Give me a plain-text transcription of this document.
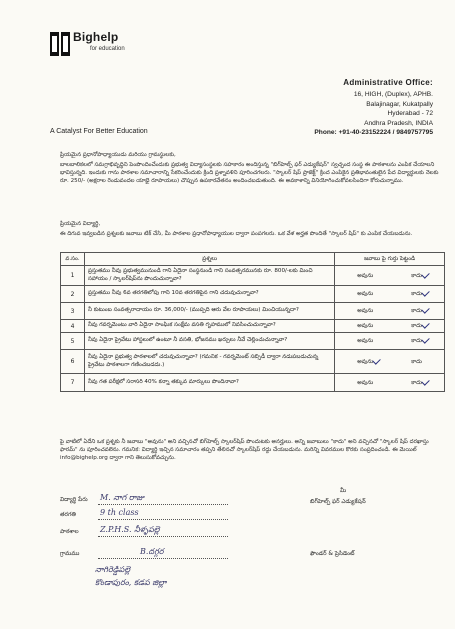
Bighelp
for education
A Catalyst For Better Education
Administrative Office:
16, HIGH, (Duplex), APHB.
Balajinagar, Kukatpally
Hyderabad - 72
Andhra Pradesh, INDIA
Phone: +91-40-23152224 / 9849757795
ప్రియమైన ప్రధానోపాధ్యాయుడు మరియు గ్రామస్థులకు,
బాలబాలికలలో సమగ్రాభివృద్ధిని పెంపొందించేందుకు ప్రభుత్వ విద్యాసంస్థలకు సహకారం అందిస్తున్న "బిగ్‌హెల్ప్ ఫర్ ఎడ్యుకేషన్" స్వచ్ఛంద సంస్థ ఈ పాఠశాలను ఎంపిక చేయాలని భావిస్తున్నది. ఇందుకు గాను పాఠశాల సమాచారాన్ని సేకరించేందుకు క్రింది ప్రశ్నావళిని పూరించగలరు. "స్కాలర్ షిప్ ప్రాజెక్ట్" క్రింద ఎంపికైన ప్రతిభావంతులైన పేద విద్యార్థులకు నెలకు రూ. 250/- (అక్షరాల రెండువందల యాభై రూపాయలు) చొప్పున ఉపకారవేతనం అందించబడుతుంది. ఈ అవకాశాన్ని వినియోగించుకోవలసిందిగా కోరుచున్నాము.
ప్రియమైన విద్యార్థి,
ఈ దిగువ ఇవ్వబడిన ప్రశ్నలకు జవాబు టిక్ చేసి, మీ పాఠశాల ప్రధానోపాధ్యాయుల ద్వారా పంపగలరు. ఒక వేళ అర్హత పొందితే "స్కాలర్ షిప్" కు ఎంపిక చేయబడును.
వ.సం.	ప్రశ్నలు	జవాబు పై గుర్తు పెట్టండి
1	ప్రస్తుతము నీవు ప్రభుత్వమునుండి గాని ఏదైనా సంస్థనుండి గాని సంవత్సరమునకు రూ. 800/-లకు మించి సహాయం / స్కాలర్‌షిప్‌ను పొందుచున్నావా?	అవును కాదు

2	ప్రస్తుతము నీవు 6వ తరగతిలోపు గాని 10వ తరగతిపైన గాని చదువుచున్నావా?	అవును కాదు

3	నీ కుటుంబ సంవత్సరాదాయం రూ. 36,000/- (ముప్పది ఆరు వేల రూపాయలు) మించియున్నదా?	అవును కాదు

4	నీవు గవర్నమెంటు వారి ఏదైనా సాంఘిక సంక్షేమ వసతి గృహములో నివసించుచున్నావా?	అవును కాదు

5	నీవు ఏదైనా ప్రైవేటు హాస్టలులో ఉంటూ నీ వసతి, భోజనము ఖర్చులు నీవే చెల్లించుచున్నావా?	అవును కాదు

6	నీవు ఏదైనా ప్రభుత్వ పాఠశాలలో చదువుచున్నావా? (గమనిక - గవర్నమెంట్ సబ్సిడీ ద్వారా నడుపబడుచున్న ప్రైవేటు పాఠశాలగా గణించబడదు.)	అవును కాదు

7	నీవు గత పరీక్షలో సరాసరి 40% కన్నా తక్కువ మార్కులు పొందినావా?	అవును కాదు
పై వాటిలో ఏదేని ఒక ప్రశ్నకు నీ జవాబు "అవును" అని వచ్చినచో బిగ్‌హెల్ప్ స్కాలర్‌షిప్ పొందుటకు అనర్హులు. అన్ని జవాబులు "కాదు" అని వచ్చినచో "స్కాలర్ షిప్ దరఖాస్తు ఫారమ్" ను పూరించవలెను. గమనిక: విద్యార్థి ఇచ్చిన సమాచారం తప్పని తేలినచో స్కాలర్‌షిప్ రద్దు చేయబడును. మరిన్ని వివరముల కొరకు సంప్రదించండి. ఈ మెయిల్ info@bighelp.org ద్వారా గాని తెలుసుకోవచ్చును.
విద్యార్థి పేరు M. నాగ రాజు
తరగతి	9 th class
పాఠశాల	Z.P.H.S. నీళ్ళపల్లె
గ్రామము	B.దగ్గర
నాగిరెడ్డిపల్లె
కొండాపురం, కడప జిల్లా
మీ
బిగ్‌హెల్ప్ ఫర్ ఎడ్యుకేషన్
ఫౌండర్ & ప్రెసిడెంట్
